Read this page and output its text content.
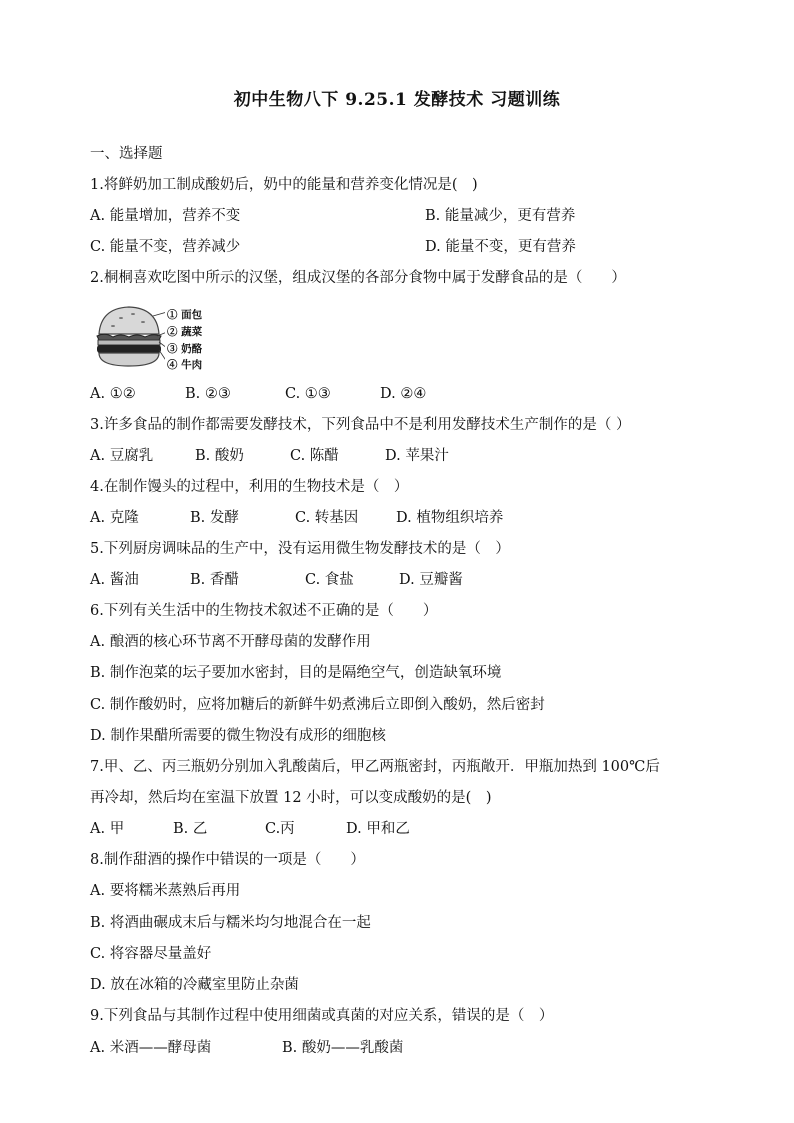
初中生物八下 9.25.1 发酵技术 习题训练
一、选择题
1.将鲜奶加工制成酸奶后，奶中的能量和营养变化情况是(　)
A. 能量增加，营养不变	B. 能量减少，更有营养
C. 能量不变，营养减少	D. 能量不变，更有营养
2.桐桐喜欢吃图中所示的汉堡，组成汉堡的各部分食物中属于发酵食品的是（　　）
① 面包
② 蔬菜
③ 奶酪
④ 牛肉
A. ①②	B. ②③	C. ①③	D. ②④
3.许多食品的制作都需要发酵技术，下列食品中不是利用发酵技术生产制作的是（ ）
A. 豆腐乳	B. 酸奶	C. 陈醋	D. 苹果汁
4.在制作馒头的过程中，利用的生物技术是（　）
A. 克隆	B. 发酵	C. 转基因	D. 植物组织培养
5.下列厨房调味品的生产中，没有运用微生物发酵技术的是（　）
A. 酱油	B. 香醋	C. 食盐	D. 豆瓣酱
6.下列有关生活中的生物技术叙述不正确的是（　　）
A. 酿酒的核心环节离不开酵母菌的发酵作用
B. 制作泡菜的坛子要加水密封，目的是隔绝空气，创造缺氧环境
C. 制作酸奶时，应将加糖后的新鲜牛奶煮沸后立即倒入酸奶，然后密封
D. 制作果醋所需要的微生物没有成形的细胞核
7.甲、乙、丙三瓶奶分别加入乳酸菌后，甲乙两瓶密封，丙瓶敞开．甲瓶加热到 100℃后
再冷却，然后均在室温下放置 12 小时，可以变成酸奶的是(　)
A. 甲	B. 乙	C.丙	D. 甲和乙
8.制作甜酒的操作中错误的一项是（　　）
A. 要将糯米蒸熟后再用
B. 将酒曲碾成末后与糯米均匀地混合在一起
C. 将容器尽量盖好
D. 放在冰箱的冷藏室里防止杂菌
9.下列食品与其制作过程中使用细菌或真菌的对应关系，错误的是（　）
A. 米酒——酵母菌	B. 酸奶——乳酸菌
